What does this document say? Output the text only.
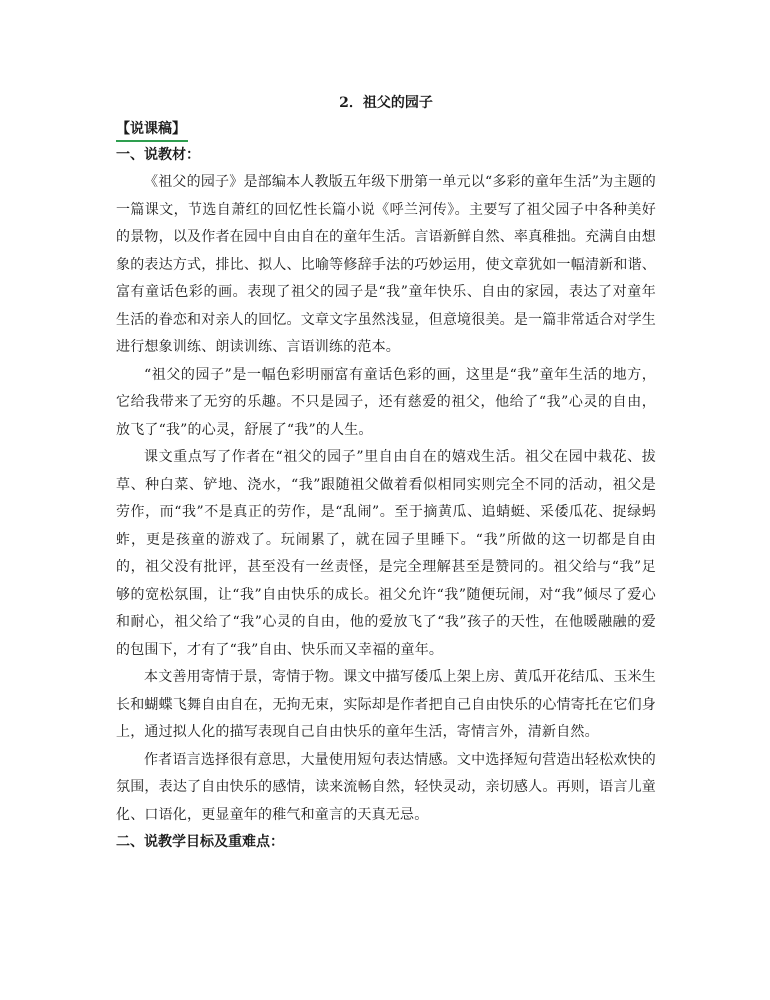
2．祖父的园子
【说课稿】
一、说教材：
《祖父的园子》是部编本人教版五年级下册第一单元以“多彩的童年生活”为主题的一篇课文，节选自萧红的回忆性长篇小说《呼兰河传》。主要写了祖父园子中各种美好的景物，以及作者在园中自由自在的童年生活。言语新鲜自然、率真稚拙。充满自由想象的表达方式，排比、拟人、比喻等修辞手法的巧妙运用，使文章犹如一幅清新和谐、富有童话色彩的画。表现了祖父的园子是“我”童年快乐、自由的家园，表达了对童年生活的眷恋和对亲人的回忆。文章文字虽然浅显，但意境很美。是一篇非常适合对学生进行想象训练、朗读训练、言语训练的范本。
“祖父的园子”是一幅色彩明丽富有童话色彩的画，这里是“我”童年生活的地方，它给我带来了无穷的乐趣。不只是园子，还有慈爱的祖父，他给了“我”心灵的自由，放飞了“我”的心灵，舒展了“我”的人生。
课文重点写了作者在“祖父的园子”里自由自在的嬉戏生活。祖父在园中栽花、拔草、种白菜、铲地、浇水，“我”跟随祖父做着看似相同实则完全不同的活动，祖父是劳作，而“我”不是真正的劳作，是“乱闹”。至于摘黄瓜、追蜻蜓、采倭瓜花、捉绿蚂蚱，更是孩童的游戏了。玩闹累了，就在园子里睡下。“我”所做的这一切都是自由的，祖父没有批评，甚至没有一丝责怪，是完全理解甚至是赞同的。祖父给与“我”足够的宽松氛围，让“我”自由快乐的成长。祖父允许“我”随便玩闹，对“我”倾尽了爱心和耐心，祖父给了“我”心灵的自由，他的爱放飞了“我”孩子的天性，在他暖融融的爱的包围下，才有了“我”自由、快乐而又幸福的童年。
本文善用寄情于景，寄情于物。课文中描写倭瓜上架上房、黄瓜开花结瓜、玉米生长和蝴蝶飞舞自由自在，无拘无束，实际却是作者把自己自由快乐的心情寄托在它们身上，通过拟人化的描写表现自己自由快乐的童年生活，寄情言外，清新自然。
作者语言选择很有意思，大量使用短句表达情感。文中选择短句营造出轻松欢快的氛围，表达了自由快乐的感情，读来流畅自然，轻快灵动，亲切感人。再则，语言儿童化、口语化，更显童年的稚气和童言的天真无忌。
二、说教学目标及重难点：
